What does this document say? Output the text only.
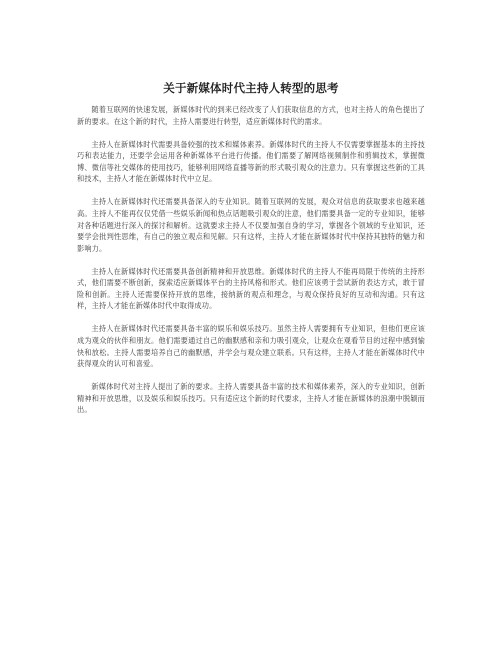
关于新媒体时代主持人转型的思考

随着互联网的快速发展，新媒体时代的到来已经改变了人们获取信息的方式，也对主持人的角色提出了新的要求。在这个新的时代，主持人需要进行转型，适应新媒体时代的需求。

主持人在新媒体时代需要具备较强的技术和媒体素养。新媒体时代的主持人不仅需要掌握基本的主持技巧和表达能力，还要学会运用各种新媒体平台进行传播。他们需要了解网络视频制作和剪辑技术，掌握微博、微信等社交媒体的使用技巧，能够利用网络直播等新的形式吸引观众的注意力。只有掌握这些新的工具和技术，主持人才能在新媒体时代中立足。

主持人在新媒体时代还需要具备深入的专业知识。随着互联网的发展，观众对信息的获取要求也越来越高。主持人不能再仅仅凭借一些娱乐新闻和热点话题吸引观众的注意，他们需要具备一定的专业知识，能够对各种话题进行深入的探讨和解析。这就要求主持人不仅要加强自身的学习，掌握各个领域的专业知识，还要学会批判性思维，有自己的独立观点和见解。只有这样，主持人才能在新媒体时代中保持其独特的魅力和影响力。

主持人在新媒体时代还需要具备创新精神和开放思维。新媒体时代的主持人不能再局限于传统的主持形式，他们需要不断创新，探索适应新媒体平台的主持风格和形式。他们应该勇于尝试新的表达方式，敢于冒险和创新。主持人还需要保持开放的思维，接纳新的观点和理念，与观众保持良好的互动和沟通。只有这样，主持人才能在新媒体时代中取得成功。

主持人在新媒体时代还需要具备丰富的娱乐和娱乐技巧。虽然主持人需要拥有专业知识，但他们更应该成为观众的伙伴和朋友。他们需要通过自己的幽默感和亲和力吸引观众，让观众在观看节目的过程中感到愉快和放松。主持人需要培养自己的幽默感，并学会与观众建立联系。只有这样，主持人才能在新媒体时代中获得观众的认可和喜爱。

新媒体时代对主持人提出了新的要求。主持人需要具备丰富的技术和媒体素养，深入的专业知识，创新精神和开放思维，以及娱乐和娱乐技巧。只有适应这个新的时代要求，主持人才能在新媒体的浪潮中脱颖而出。
